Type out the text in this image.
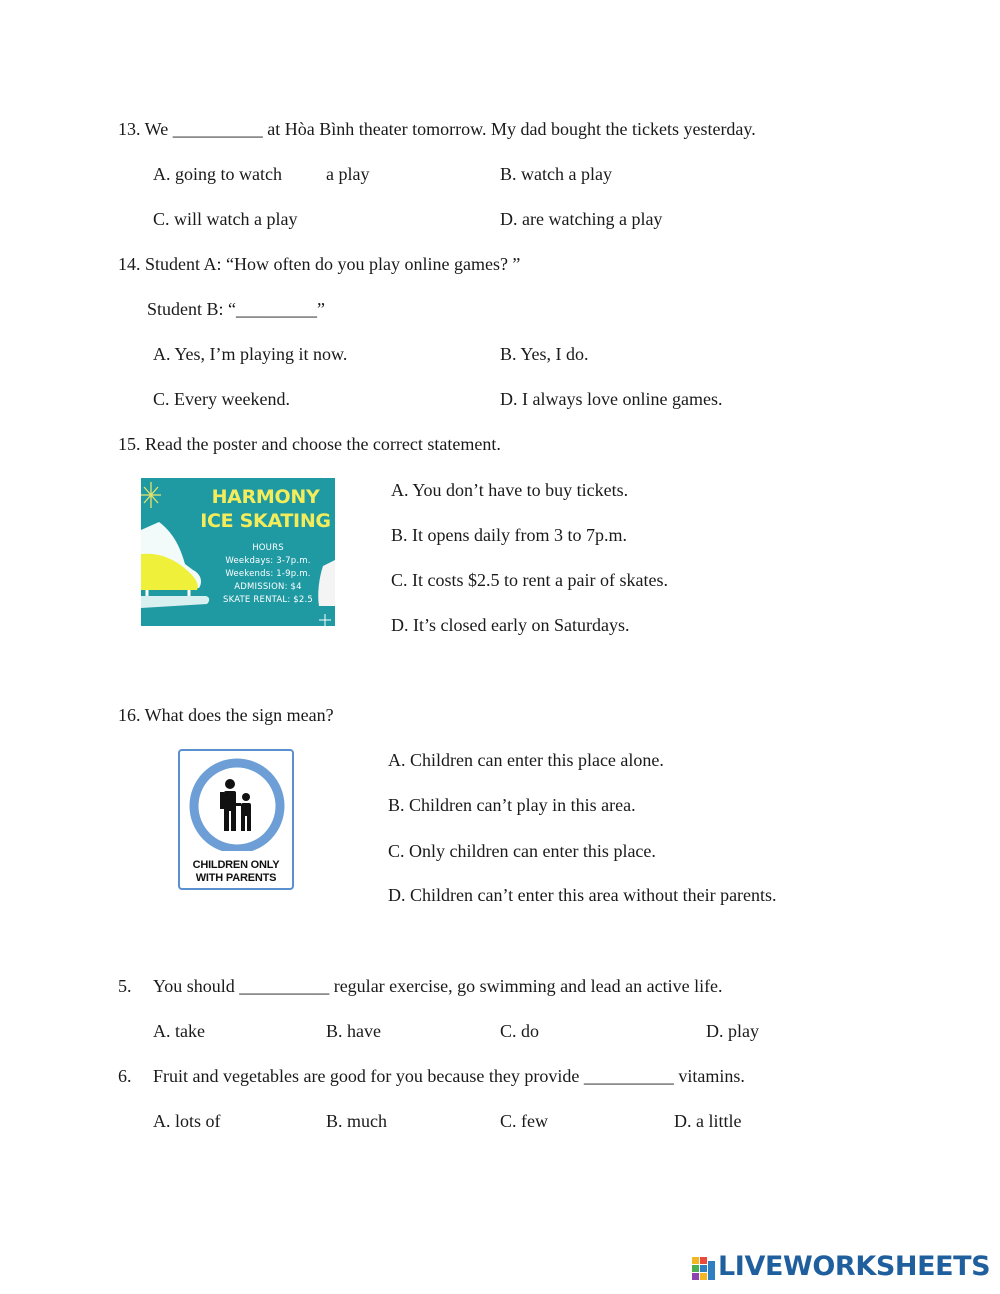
13. We __________ at Hòa Bình theater tomorrow. My dad bought the tickets yesterday.
A. going to watch a play	B. watch a play
C. will watch a play	D. are watching a play
14. Student A: “How often do you play online games? ”
Student B: “_________”
A. Yes, I’m playing it now.	B. Yes, I do.
C. Every weekend.	D. I always love online games.
15. Read the poster and choose the correct statement.
HARMONY
ICE SKATING
HOURS
Weekdays: 3-7p.m.
Weekends: 1-9p.m.
ADMISSION: $4
SKATE RENTAL: $2.5
A. You don’t have to buy tickets.
B. It opens daily from 3 to 7p.m.
C. It costs $2.5 to rent a pair of skates.
D. It’s closed early on Saturdays.
16. What does the sign mean?
CHILDREN ONLY
WITH PARENTS
A. Children can enter this place alone.
B. Children can’t play in this area.
C. Only children can enter this place.
D. Children can’t enter this area without their parents.
5. You should __________ regular exercise, go swimming and lead an active life.
A. take	B. have	C. do	D. play
6. Fruit and vegetables are good for you because they provide __________ vitamins.
A. lots of	B. much	C. few	D. a little
LIVEWORKSHEETS
